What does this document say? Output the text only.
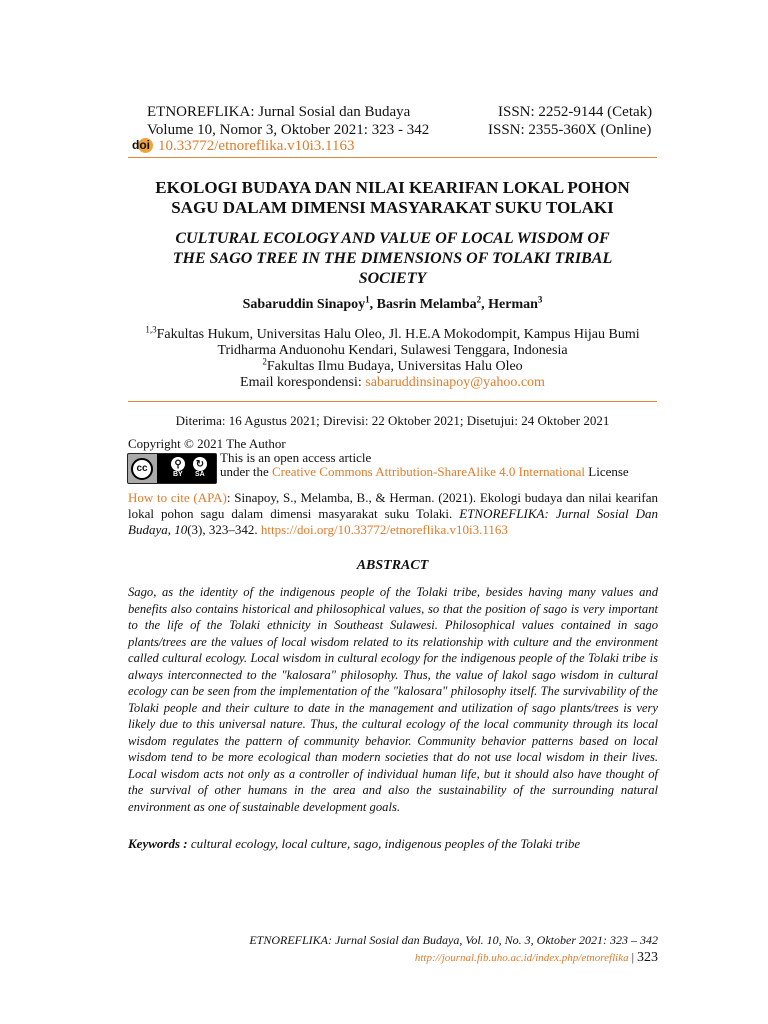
ETNOREFLIKA: Jurnal Sosial dan Budaya
Volume 10, Nomor 3, Oktober 2021: 323 - 342
doi 10.33772/etnoreflika.v10i3.1163
ISSN: 2252-9144 (Cetak)
ISSN: 2355-360X (Online)
EKOLOGI BUDAYA DAN NILAI KEARIFAN LOKAL POHON
SAGU DALAM DIMENSI MASYARAKAT SUKU TOLAKI
CULTURAL ECOLOGY AND VALUE OF LOCAL WISDOM OF
THE SAGO TREE IN THE DIMENSIONS OF TOLAKI TRIBAL
SOCIETY
Sabaruddin Sinapoy$^1$, Basrin Melamba$^2$, Herman$^3$
$^{1,3}$Fakultas Hukum, Universitas Halu Oleo, Jl. H.E.A Mokodompit, Kampus Hijau Bumi
Tridharma Anduonohu Kendari, Sulawesi Tenggara, Indonesia
$^2$Fakultas Ilmu Budaya, Universitas Halu Oleo
Email korespondensi: sabaruddinsinapoy@yahoo.com
Diterima: 16 Agustus 2021; Direvisi: 22 Oktober 2021; Disetujui: 24 Oktober 2021
Copyright © 2021 The Author
cc	⚲	↻
BY SA
This is an open access article
under the Creative Commons Attribution-ShareAlike 4.0 International License
How to cite (APA): Sinapoy, S., Melamba, B., & Herman. (2021). Ekologi budaya dan nilai kearifan lokal pohon sagu dalam dimensi masyarakat suku Tolaki. ETNOREFLIKA: Jurnal Sosial Dan Budaya, 10(3), 323‒342. https://doi.org/10.33772/etnoreflika.v10i3.1163
ABSTRACT
Sago, as the identity of the indigenous people of the Tolaki tribe, besides having many values and benefits also contains historical and philosophical values, so that the position of sago is very important to the life of the Tolaki ethnicity in Southeast Sulawesi. Philosophical values contained in sago plants/trees are the values of local wisdom related to its relationship with culture and the environment called cultural ecology. Local wisdom in cultural ecology for the indigenous people of the Tolaki tribe is always interconnected to the "kalosara" philosophy. Thus, the value of lakol sago wisdom in cultural ecology can be seen from the implementation of the "kalosara" philosophy itself. The survivability of the Tolaki people and their culture to date in the management and utilization of sago plants/trees is very likely due to this universal nature. Thus, the cultural ecology of the local community through its local wisdom regulates the pattern of community behavior. Community behavior patterns based on local wisdom tend to be more ecological than modern societies that do not use local wisdom in their lives. Local wisdom acts not only as a controller of individual human life, but it should also have thought of the survival of other humans in the area and also the sustainability of the surrounding natural environment as one of sustainable development goals.
Keywords : cultural ecology, local culture, sago, indigenous peoples of the Tolaki tribe
ETNOREFLIKA: Jurnal Sosial dan Budaya, Vol. 10, No. 3, Oktober 2021: 323 ‒ 342
http://journal.fib.uho.ac.id/index.php/etnoreflika | 323
